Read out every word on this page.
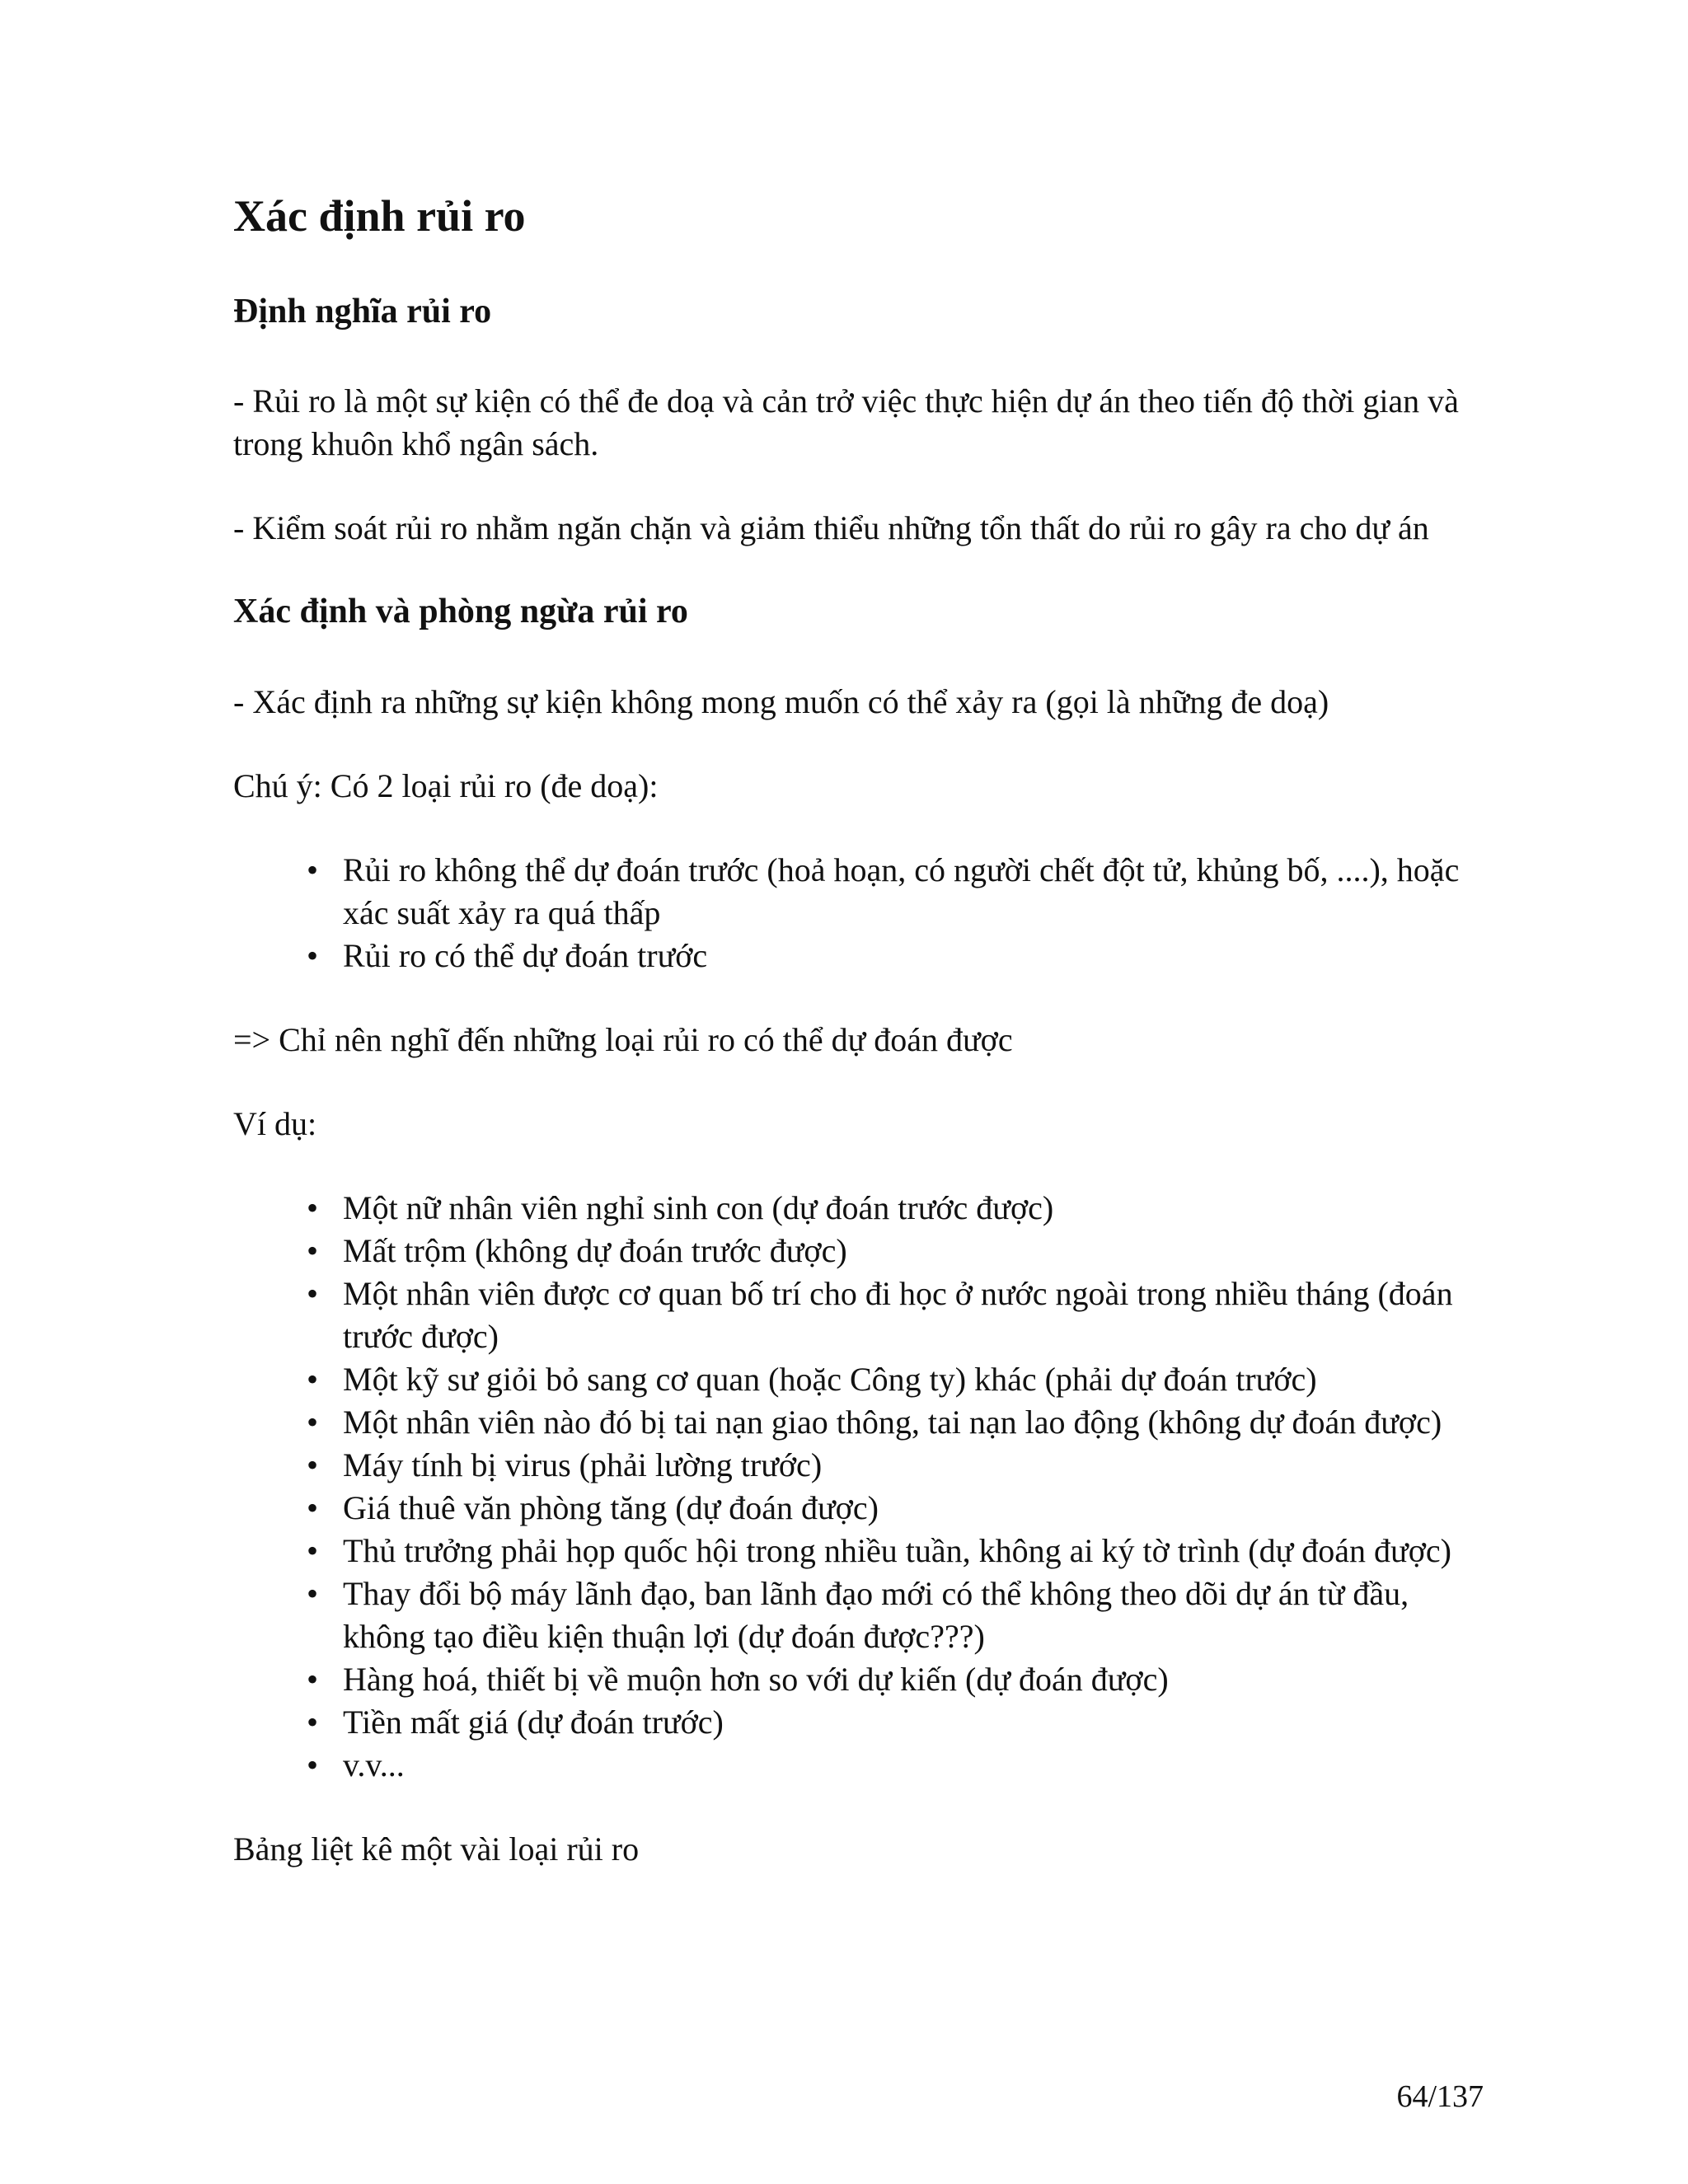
Xác định rủi ro
Định nghĩa rủi ro

- Rủi ro là một sự kiện có thể đe doạ và cản trở việc thực hiện dự án theo tiến độ thời gian và trong khuôn khổ ngân sách.

- Kiểm soát rủi ro nhằm ngăn chặn và giảm thiểu những tổn thất do rủi ro gây ra cho dự án

Xác định và phòng ngừa rủi ro

- Xác định ra những sự kiện không mong muốn có thể xảy ra (gọi là những đe doạ)

Chú ý: Có 2 loại rủi ro (đe doạ):

• Rủi ro không thể dự đoán trước (hoả hoạn, có người chết đột tử, khủng bố, ....), hoặc xác suất xảy ra quá thấp
• Rủi ro có thể dự đoán trước

=> Chỉ nên nghĩ đến những loại rủi ro có thể dự đoán được

Ví dụ:

• Một nữ nhân viên nghỉ sinh con (dự đoán trước được)
• Mất trộm (không dự đoán trước được)
• Một nhân viên được cơ quan bố trí cho đi học ở nước ngoài trong nhiều tháng (đoán trước được)
• Một kỹ sư giỏi bỏ sang cơ quan (hoặc Công ty) khác (phải dự đoán trước)
• Một nhân viên nào đó bị tai nạn giao thông, tai nạn lao động (không dự đoán được)
• Máy tính bị virus (phải lường trước)
• Giá thuê văn phòng tăng (dự đoán được)
• Thủ trưởng phải họp quốc hội trong nhiều tuần, không ai ký tờ trình (dự đoán được)
• Thay đổi bộ máy lãnh đạo, ban lãnh đạo mới có thể không theo dõi dự án từ đầu, không tạo điều kiện thuận lợi (dự đoán được???)
• Hàng hoá, thiết bị về muộn hơn so với dự kiến (dự đoán được)
• Tiền mất giá (dự đoán trước)
• v.v...

Bảng liệt kê một vài loại rủi ro

64/137
